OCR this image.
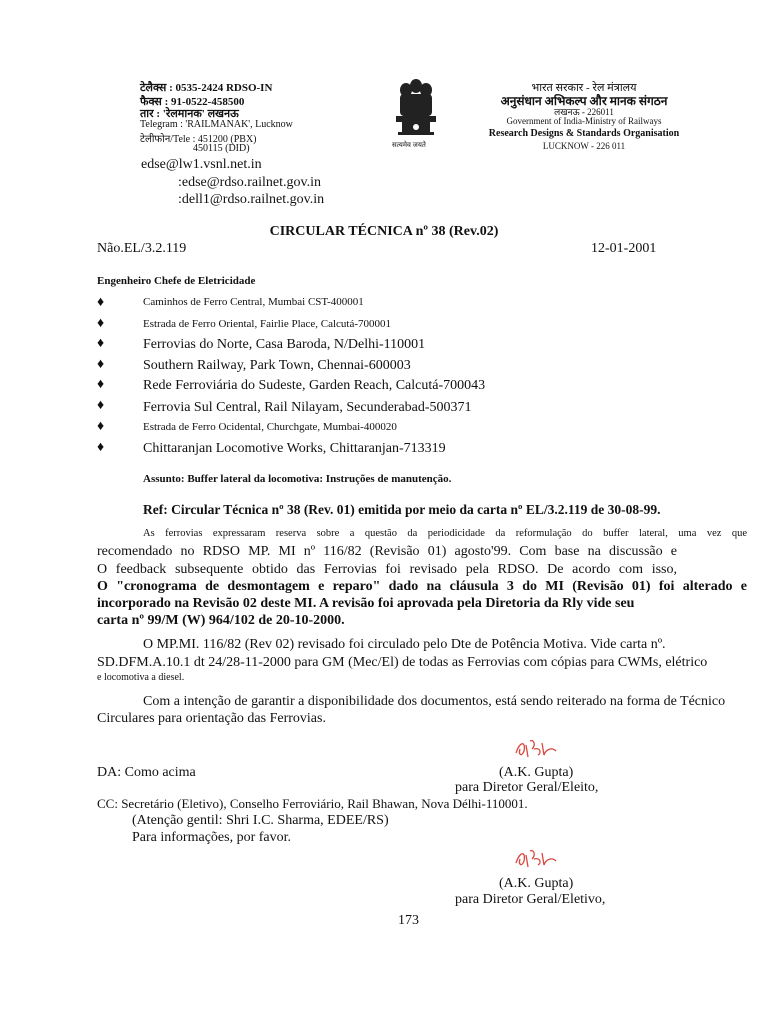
टेलैक्स : 0535-2424 RDSO-IN
फैक्स : 91-0522-458500
तार : 'रेलमानक' लखनऊ
Telegram : 'RAILMANAK', Lucknow
टेलीफोन/Tele : 451200 (PBX)
450115 (DID)	सत्यमेव जयते
भारत सरकार - रेल मंत्रालय
अनुसंधान अभिकल्प और मानक संगठन
लखनऊ - 226011
Government of India-Ministry of Railways
Research Designs & Standards Organisation
LUCKNOW - 226 011
edse@lw1.vsnl.net.in
:edse@rdso.railnet.gov.in
:dell1@rdso.railnet.gov.in
CIRCULAR TÉCNICA nº 38 (Rev.02)
Não.EL/3.2.119	12-01-2001
Engenheiro Chefe de Eletricidade
♦	Caminhos de Ferro Central, Mumbai CST-400001
♦	Estrada de Ferro Oriental, Fairlie Place, Calcutá-700001
♦	Ferrovias do Norte, Casa Baroda, N/Delhi-110001
♦	Southern Railway, Park Town, Chennai-600003
♦	Rede Ferroviária do Sudeste, Garden Reach, Calcutá-700043
♦	Ferrovia Sul Central, Rail Nilayam, Secunderabad-500371
♦	Estrada de Ferro Ocidental, Churchgate, Mumbai-400020
♦	Chittaranjan Locomotive Works, Chittaranjan-713319
Assunto: Buffer lateral da locomotiva: Instruções de manutenção.
Ref: Circular Técnica nº 38 (Rev. 01) emitida por meio da carta nº EL/3.2.119 de 30-08-99.
As ferrovias expressaram reserva sobre a questão da periodicidade da reformulação do buffer lateral, uma vez que
recomendado no RDSO MP. MI nº 116/82 (Revisão 01) agosto'99. Com base na discussão e
O feedback subsequente obtido das Ferrovias foi revisado pela RDSO. De acordo com isso,
O "cronograma de desmontagem e reparo" dado na cláusula 3 do MI (Revisão 01) foi alterado e
incorporado na Revisão 02 deste MI. A revisão foi aprovada pela Diretoria da Rly vide seu
carta nº 99/M (W) 964/102 de 20-10-2000.
O MP.MI. 116/82 (Rev 02) revisado foi circulado pelo Dte de Potência Motiva. Vide carta nº.
SD.DFM.A.10.1 dt 24/28-11-2000 para GM (Mec/El) de todas as Ferrovias com cópias para CWMs, elétrico
e locomotiva a diesel.
Com a intenção de garantir a disponibilidade dos documentos, está sendo reiterado na forma de Técnico
Circulares para orientação das Ferrovias.
DA: Como acima	(A.K. Gupta)
para Diretor Geral/Eleito,
CC: Secretário (Eletivo), Conselho Ferroviário, Rail Bhawan, Nova Délhi-110001.
(Atenção gentil: Shri I.C. Sharma, EDEE/RS)
Para informações, por favor.
(A.K. Gupta)
para Diretor Geral/Eletivo,
173
